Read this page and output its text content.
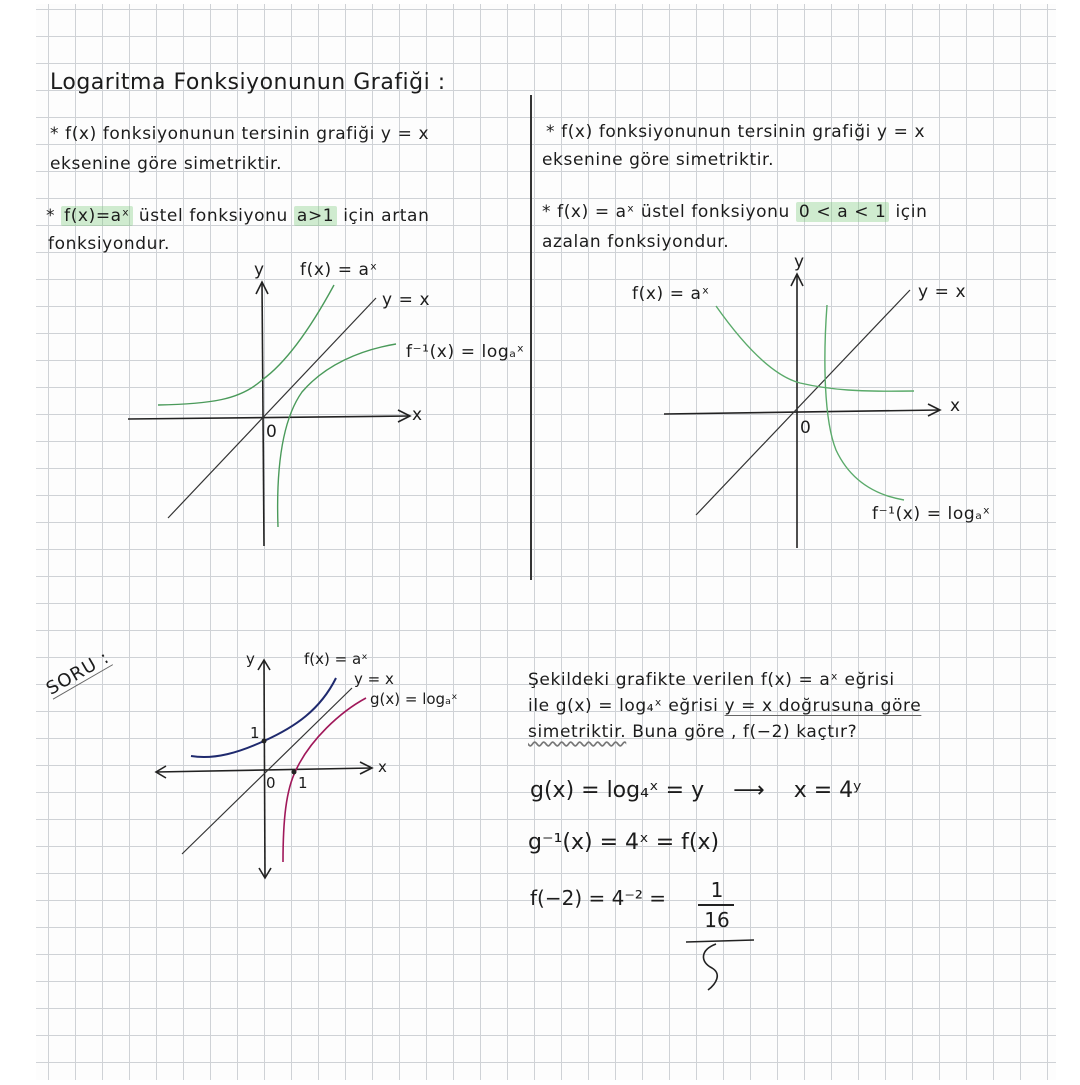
Logaritma Fonksiyonunun Grafiği :
* f(x) fonksiyonunun tersinin grafiği y = x
eksenine göre simetriktir.
* f(x)=aˣ üstel fonksiyonu a>1 için artan
fonksiyondur.
* f(x) fonksiyonunun tersinin grafiği y = x
eksenine göre simetriktir.
* f(x) = aˣ üstel fonksiyonu 0 < a < 1 için
azalan fonksiyondur.
y
x
0
f(x) = aˣ
y = x
f⁻¹(x) = logₐˣ
y
x
0
f(x) = aˣ	y = x
f⁻¹(x) = logₐˣ
SORU :	y
x
0
1
1
f(x) = aˣ
y = x
g(x) = logₐˣ
Şekildeki grafikte verilen f(x) = aˣ eğrisi
ile g(x) = log₄ˣ eğrisi y = x doğrusuna göre
simetriktir. Buna göre , f(−2) kaçtır?
g(x) = log₄ˣ = y ⟶ x = 4ʸ
g⁻¹(x) = 4ˣ = f(x)
f(−2) = 4⁻² =	1
16
